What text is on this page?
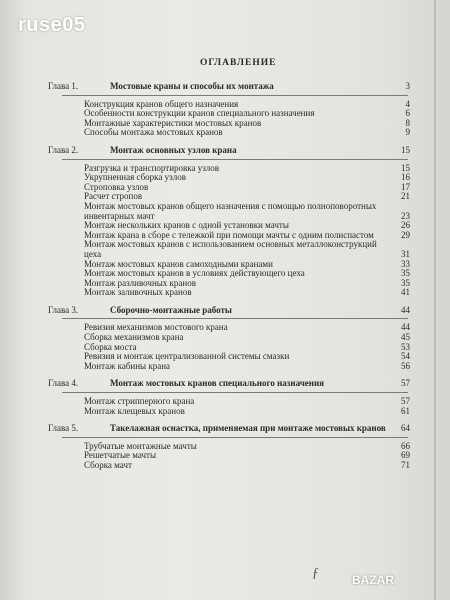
ruse05
ОГЛАВЛЕНИЕ
Глава 1.	Мостовые краны и способы их монтажа	3
Конструкция кранов общего назначения	4
Особенности конструкции кранов специального назначения	6
Монтажные характеристики мостовых кранов	8
Способы монтажа мостовых кранов	9
Глава 2.	Монтаж основных узлов крана	15
Разгрузка и транспортировка узлов	15
Укрупненная сборка узлов	16
Строповка узлов	17
Расчет стропов	21
Монтаж мостовых кранов общего назначения с помощью полноповоротных инвентарных мачт	23
Монтаж нескольких кранов с одной установки мачты	26
Монтаж крана в сборе с тележкой при помощи мачты с одним полиспастом	29
Монтаж мостовых кранов с использованием основных металлоконструкций цеха	31
Монтаж мостовых кранов самоходными кранами	33
Монтаж мостовых кранов в условиях действующего цеха	35
Монтаж разливочных кранов	35
Монтаж заливочных кранов	41
Глава 3.	Сборочно-монтажные работы	44
Ревизия механизмов мостового крана	44
Сборка механизмов крана	45
Сборка моста	53
Ревизия и монтаж централизованной системы смазки	54
Монтаж кабины крана	56
Глава 4.	Монтаж мостовых кранов специального назначения	57
Монтаж стрипперного крана	57
Монтаж клещевых кранов	61
Глава 5.	Такелажная оснастка, применяемая при монтаже мостовых кранов	64
Трубчатые монтажные мачты	66
Решетчатые мачты	69
Сборка мачт	71
ƒ	BAZAR
